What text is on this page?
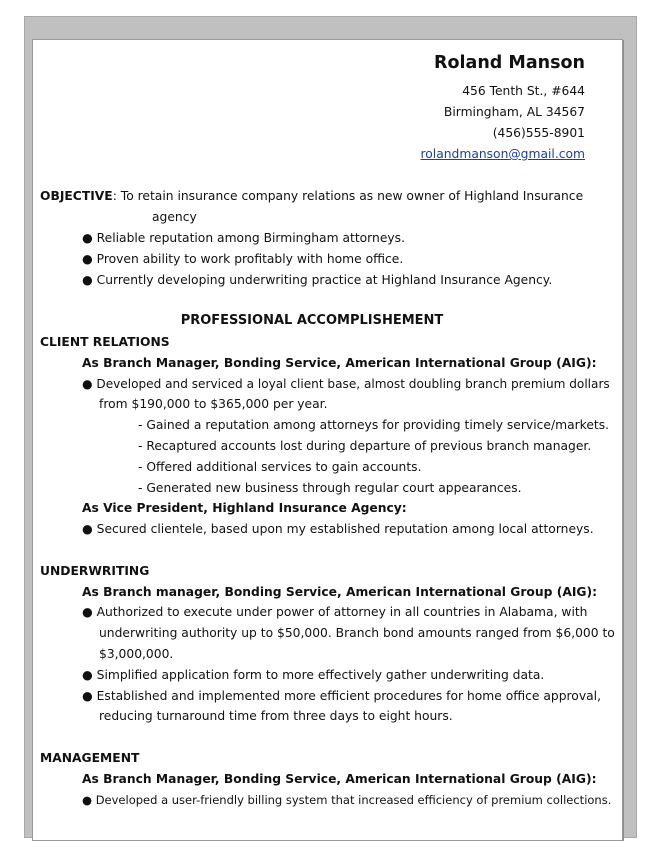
Roland Manson
456 Tenth St., #644
Birmingham, AL 34567
(456)555-8901
rolandmanson@gmail.com
OBJECTIVE: To retain insurance company relations as new owner of Highland Insurance
agency
● Reliable reputation among Birmingham attorneys.
● Proven ability to work profitably with home office.
● Currently developing underwriting practice at Highland Insurance Agency.
PROFESSIONAL ACCOMPLISHEMENT
CLIENT RELATIONS
As Branch Manager, Bonding Service, American International Group (AIG):
● Developed and serviced a loyal client base, almost doubling branch premium dollars
from $190,000 to $365,000 per year.
- Gained a reputation among attorneys for providing timely service/markets.
- Recaptured accounts lost during departure of previous branch manager.
- Offered additional services to gain accounts.
- Generated new business through regular court appearances.
As Vice President, Highland Insurance Agency:
● Secured clientele, based upon my established reputation among local attorneys.
UNDERWRITING
As Branch manager, Bonding Service, American International Group (AIG):
● Authorized to execute under power of attorney in all countries in Alabama, with
underwriting authority up to $50,000. Branch bond amounts ranged from $6,000 to
$3,000,000.
● Simplified application form to more effectively gather underwriting data.
● Established and implemented more efficient procedures for home office approval,
reducing turnaround time from three days to eight hours.
MANAGEMENT
As Branch Manager, Bonding Service, American International Group (AIG):
● Developed a user-friendly billing system that increased efficiency of premium collections.
